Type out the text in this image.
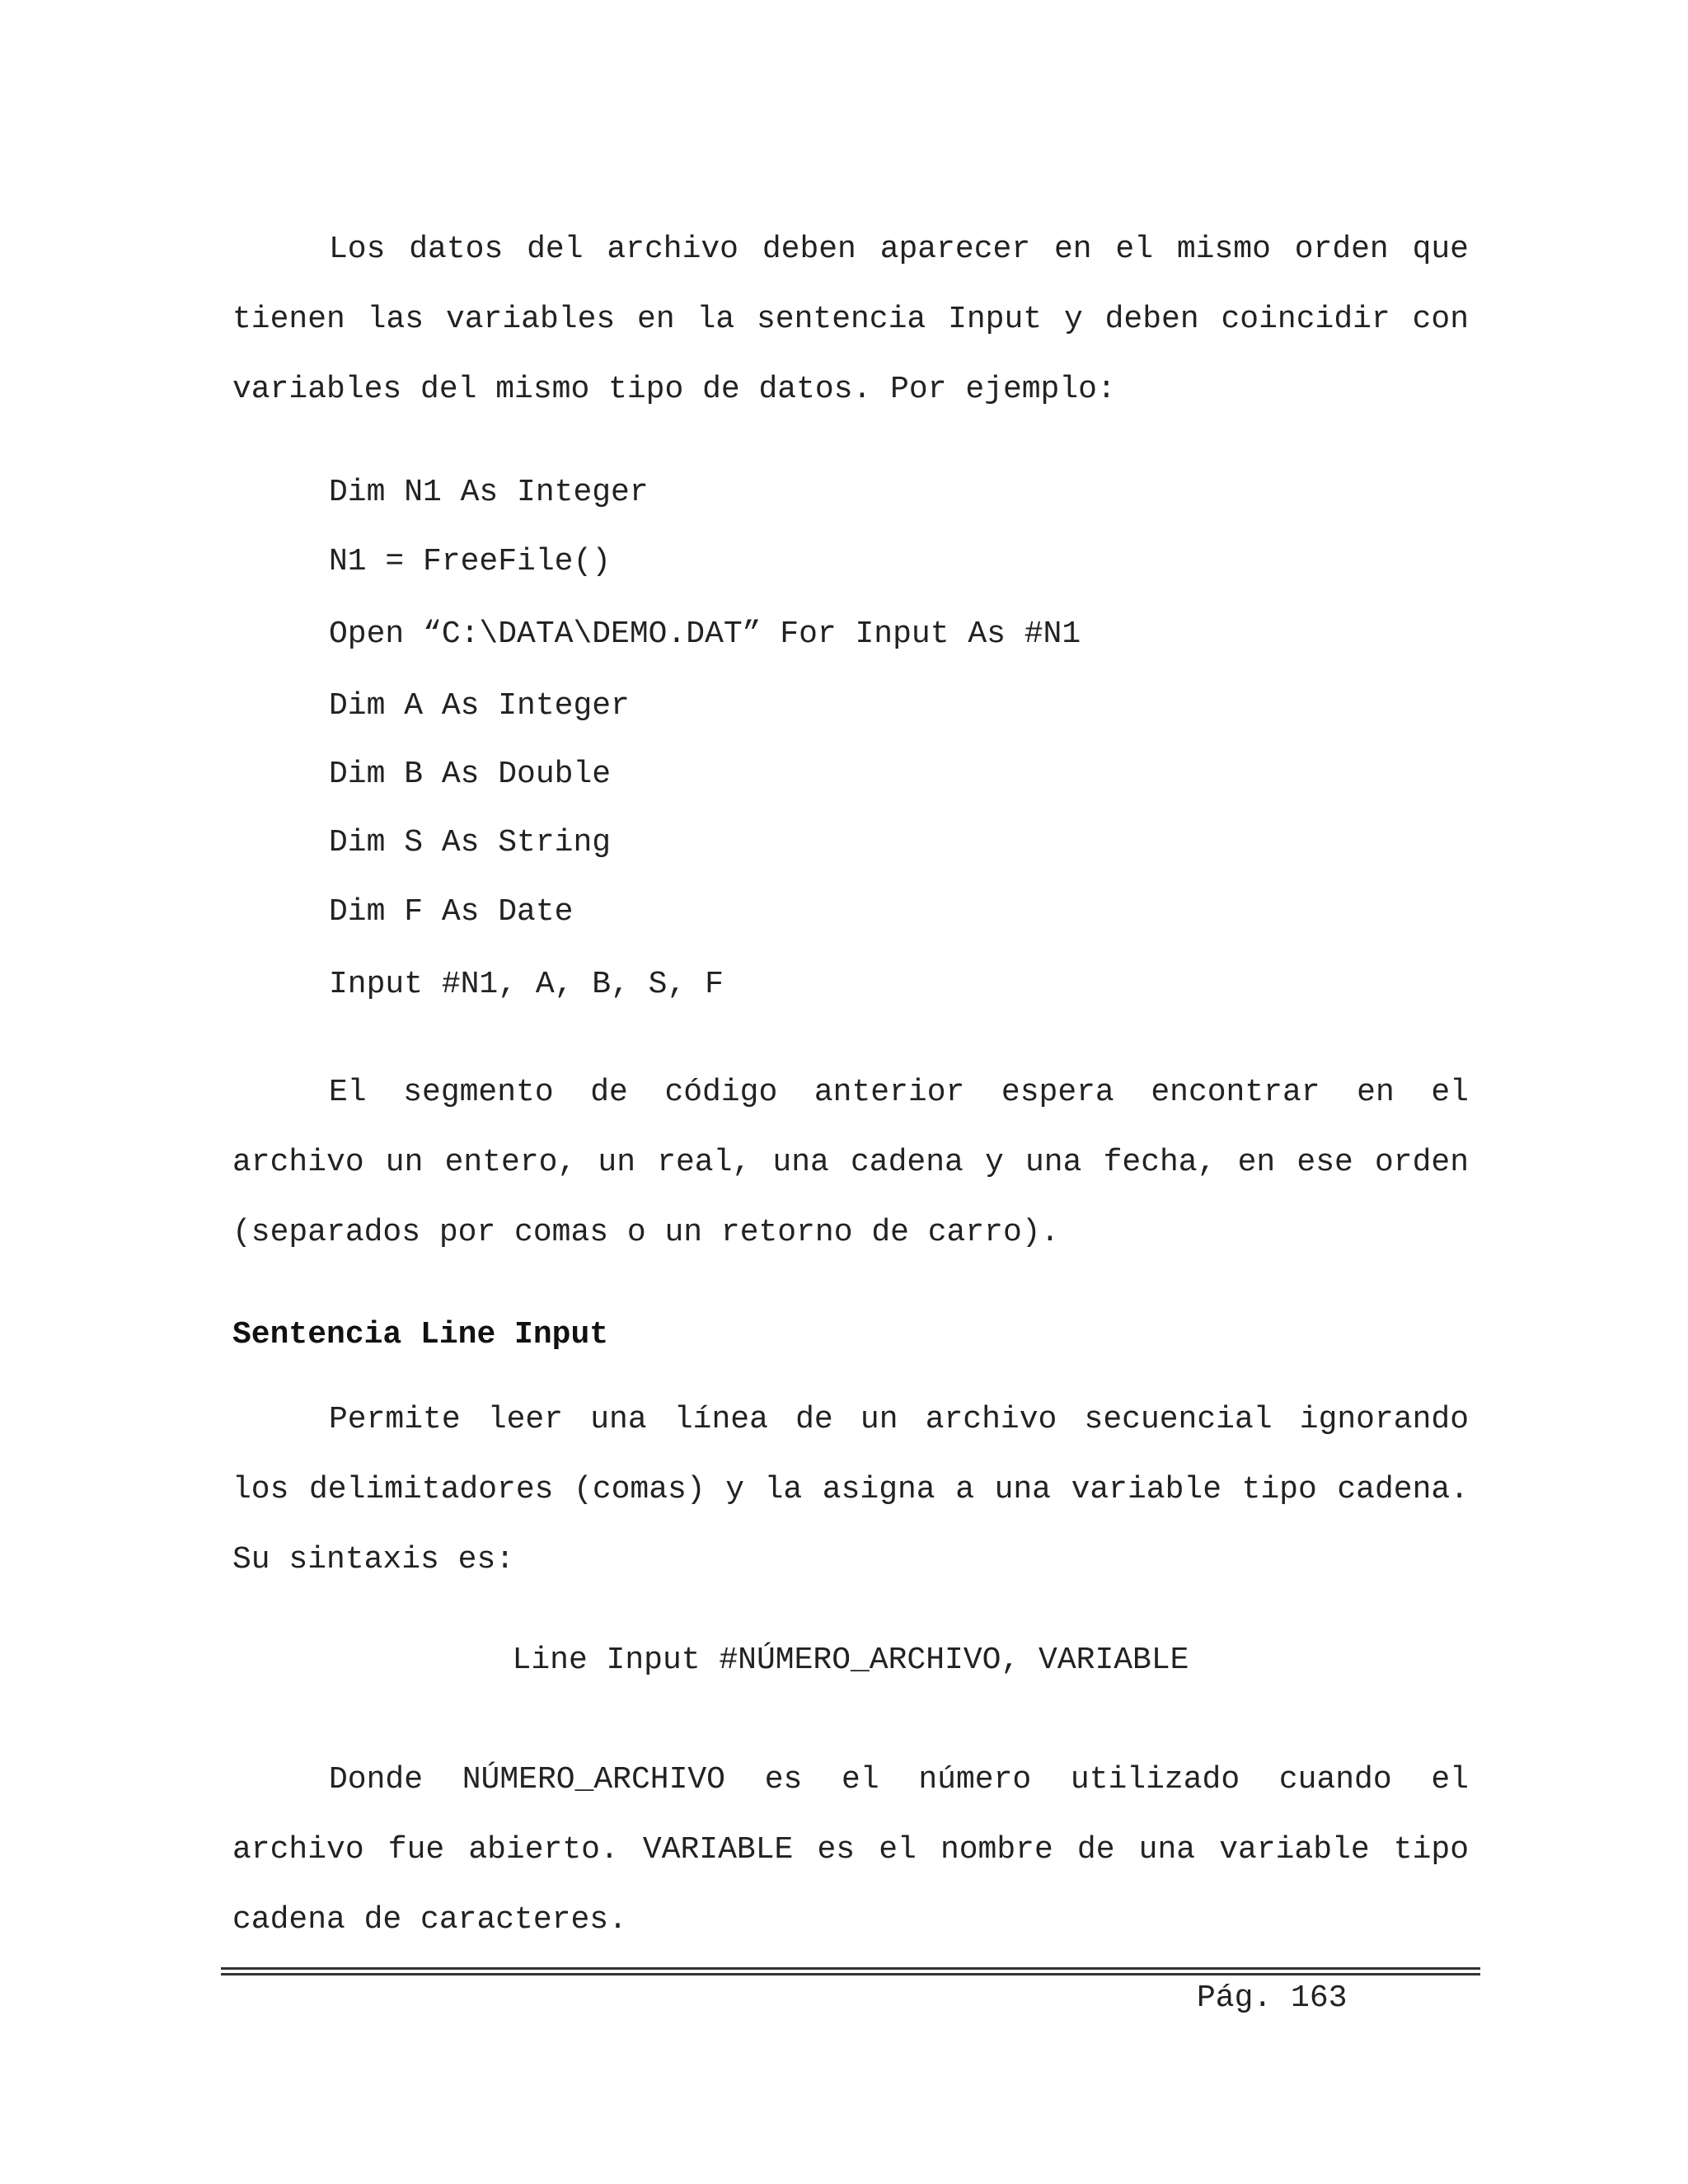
Los datos del archivo deben aparecer en el mismo orden que tienen las variables en la sentencia Input y deben coincidir con variables del mismo tipo de datos. Por ejemplo:

Dim N1 As Integer

N1 = FreeFile()

Open “C:\DATA\DEMO.DAT” For Input As #N1

Dim A As Integer

Dim B As Double

Dim S As String

Dim F As Date

Input #N1, A, B, S, F

El segmento de código anterior espera encontrar en el archivo un entero, un real, una cadena y una fecha, en ese orden (separados por comas o un retorno de carro).

Sentencia Line Input

Permite leer una línea de un archivo secuencial ignorando los delimitadores (comas) y la asigna a una variable tipo cadena. Su sintaxis es:

Line Input #NÚMERO_ARCHIVO, VARIABLE

Donde NÚMERO_ARCHIVO es el número utilizado cuando el archivo fue abierto. VARIABLE es el nombre de una variable tipo cadena de caracteres.

Pág. 163
